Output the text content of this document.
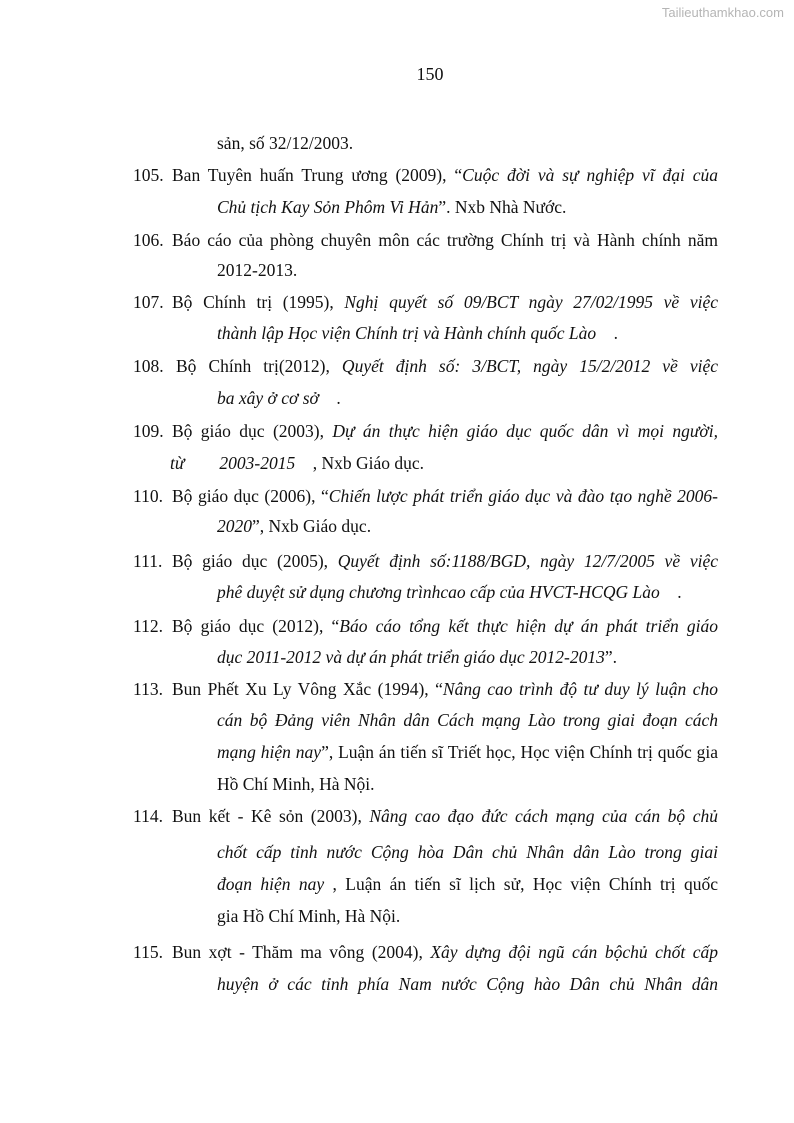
Tailieuthamkhao.com
150
sản, số 32/12/2003.
105. Ban Tuyên huấn Trung ương (2009), “Cuộc đời và sự nghiệp vĩ đại của
Chủ tịch Kay Sỏn Phôm Vi Hản”. Nxb Nhà Nước.
106. Báo cáo của phòng chuyên môn các trường Chính trị và Hành chính năm
2012-2013.
107. Bộ Chính trị (1995), Nghị quyết số 09/BCT ngày 27/02/1995 về việc
thành lập Học viện Chính trị và Hành chính quốc Lào    .
108. Bộ Chính trị(2012), Quyết định số: 3/BCT, ngày 15/2/2012 về việc
ba xây ở cơ sở    .
109. Bộ giáo dục (2003), Dự án thực hiện giáo dục quốc dân vì mọi người,
từ        2003-2015    , Nxb Giáo dục.
110. Bộ giáo dục (2006), “Chiến lược phát triển giáo dục và đào tạo nghề 2006-
2020”, Nxb Giáo dục.
111. Bộ giáo dục (2005), Quyết định số:1188/BGD, ngày 12/7/2005 về việc
phê duyệt sử dụng chương trìnhcao cấp của HVCT-HCQG Lào    .
112. Bộ giáo dục (2012), “Báo cáo tổng kết thực hiện dự án phát triển giáo
dục 2011-2012 và dự án phát triển giáo dục 2012-2013”.
113. Bun Phết Xu Ly Vông Xắc (1994), “Nâng cao trình độ tư duy lý luận cho
cán bộ Đảng viên Nhân dân Cách mạng Lào trong giai đoạn cách
mạng hiện nay”, Luận án tiến sĩ Triết học, Học viện Chính trị quốc gia
Hồ Chí Minh, Hà Nội.
114. Bun kết - Kê sỏn (2003), Nâng cao đạo đức cách mạng của cán bộ chủ
chốt cấp tỉnh nước Cộng hòa Dân chủ Nhân dân Lào trong giai
đoạn hiện nay , Luận án tiến sĩ lịch sử, Học viện Chính trị quốc
gia Hồ Chí Minh, Hà Nội.
115. Bun xợt - Thăm ma vông (2004), Xây dựng đội ngũ cán bộchủ chốt cấp
huyện ở các tỉnh phía Nam nước Cộng hào Dân chủ Nhân dân
